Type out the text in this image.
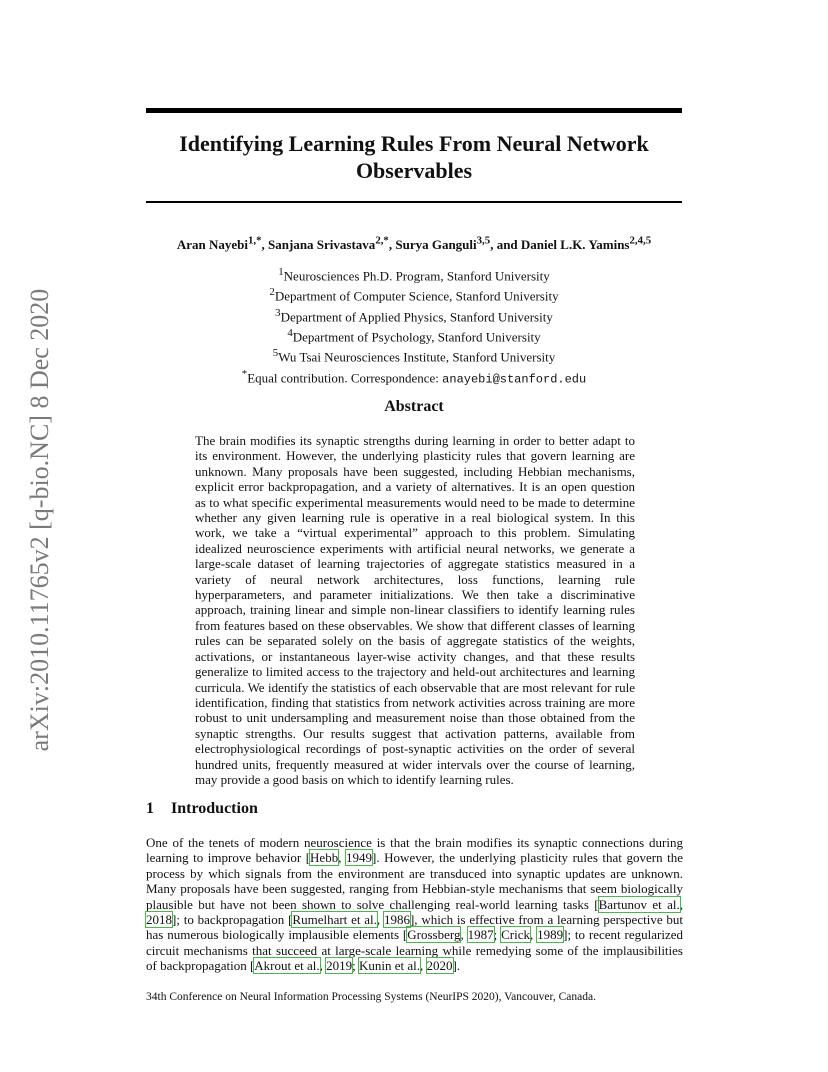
arXiv:2010.11765v2 [q-bio.NC] 8 Dec 2020
Identifying Learning Rules From Neural Network
Observables
Aran Nayebi$^{1,*}$, Sanjana Srivastava$^{2,*}$, Surya Ganguli$^{3,5}$, and Daniel L.K. Yamins$^{2,4,5}$
$^1$Neurosciences Ph.D. Program, Stanford University
$^2$Department of Computer Science, Stanford University
$^3$Department of Applied Physics, Stanford University
$^4$Department of Psychology, Stanford University
$^5$Wu Tsai Neurosciences Institute, Stanford University
*Equal contribution. Correspondence: anayebi@stanford.edu
Abstract

The brain modifies its synaptic strengths during learning in order to better adapt to its environment. However, the underlying plasticity rules that govern learning are unknown. Many proposals have been suggested, including Hebbian mechanisms, explicit error backpropagation, and a variety of alternatives. It is an open question as to what specific experimental measurements would need to be made to determine whether any given learning rule is operative in a real biological system. In this work, we take a “virtual experimental” approach to this problem. Simulating idealized neuroscience experiments with artificial neural networks, we generate a large-scale dataset of learning trajectories of aggregate statistics measured in a variety of neural network architectures, loss functions, learning rule hyperparameters, and parameter initializations. We then take a discriminative approach, training linear and simple non-linear classifiers to identify learning rules from features based on these observables. We show that different classes of learning rules can be separated solely on the basis of aggregate statistics of the weights, activations, or instantaneous layer-wise activity changes, and that these results generalize to limited access to the trajectory and held-out architectures and learning curricula. We identify the statistics of each observable that are most relevant for rule identification, finding that statistics from network activities across training are more robust to unit undersampling and measurement noise than those obtained from the synaptic strengths. Our results suggest that activation patterns, available from electrophysiological recordings of post-synaptic activities on the order of several hundred units, frequently measured at wider intervals over the course of learning, may provide a good basis on which to identify learning rules.

1 Introduction

One of the tenets of modern neuroscience is that the brain modifies its synaptic connections during learning to improve behavior [Hebb, 1949]. However, the underlying plasticity rules that govern the process by which signals from the environment are transduced into synaptic updates are unknown. Many proposals have been suggested, ranging from Hebbian-style mechanisms that seem biologically plausible but have not been shown to solve challenging real-world learning tasks [Bartunov et al., 2018]; to backpropagation [Rumelhart et al., 1986], which is effective from a learning perspective but has numerous biologically implausible elements [Grossberg, 1987; Crick, 1989]; to recent regularized circuit mechanisms that succeed at large-scale learning while remedying some of the implausibilities of backpropagation [Akrout et al., 2019; Kunin et al., 2020].

34th Conference on Neural Information Processing Systems (NeurIPS 2020), Vancouver, Canada.
